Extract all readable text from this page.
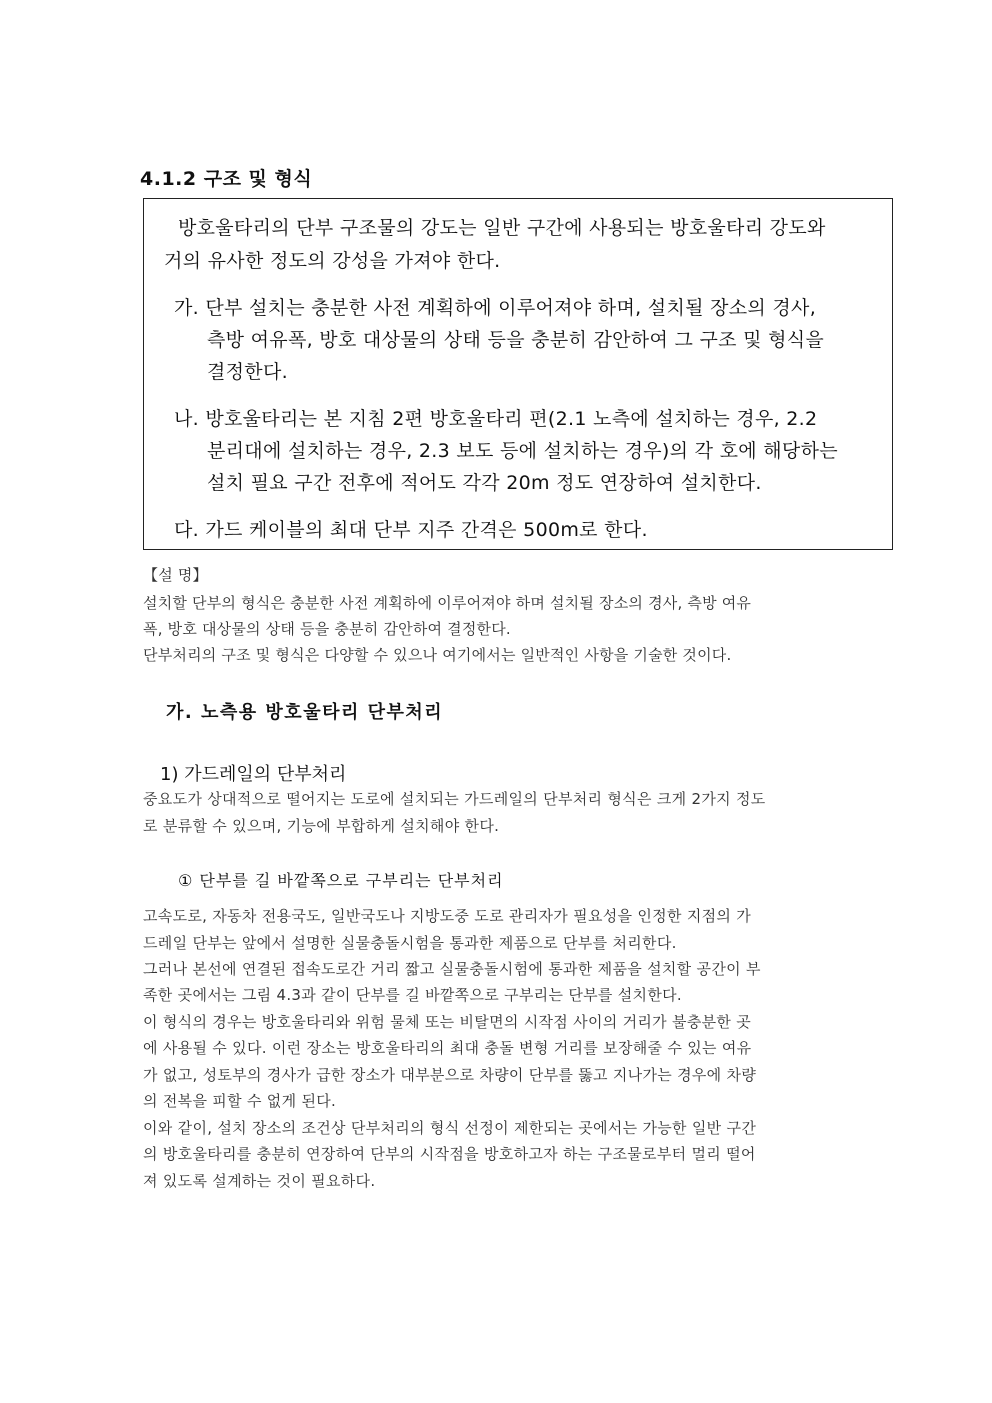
4.1.2 구조 및 형식
방호울타리의 단부 구조물의 강도는 일반 구간에 사용되는 방호울타리 강도와
거의 유사한 정도의 강성을 가져야 한다.
가. 단부 설치는 충분한 사전 계획하에 이루어져야 하며, 설치될 장소의 경사,
측방 여유폭, 방호 대상물의 상태 등을 충분히 감안하여 그 구조 및 형식을
결정한다.
나. 방호울타리는 본 지침 2편 방호울타리 편(2.1 노측에 설치하는 경우, 2.2
분리대에 설치하는 경우, 2.3 보도 등에 설치하는 경우)의 각 호에 해당하는
설치 필요 구간 전후에 적어도 각각 20m 정도 연장하여 설치한다.
다. 가드 케이블의 최대 단부 지주 간격은 500m로 한다.
【설 명】
설치할 단부의 형식은 충분한 사전 계획하에 이루어져야 하며 설치될 장소의 경사, 측방 여유
폭, 방호 대상물의 상태 등을 충분히 감안하여 결정한다.
단부처리의 구조 및 형식은 다양할 수 있으나 여기에서는 일반적인 사항을 기술한 것이다.
가. 노측용 방호울타리 단부처리
1) 가드레일의 단부처리
중요도가 상대적으로 떨어지는 도로에 설치되는 가드레일의 단부처리 형식은 크게 2가지 정도
로 분류할 수 있으며, 기능에 부합하게 설치해야 한다.
① 단부를 길 바깥쪽으로 구부리는 단부처리
고속도로, 자동차 전용국도, 일반국도나 지방도중 도로 관리자가 필요성을 인정한 지점의 가
드레일 단부는 앞에서 설명한 실물충돌시험을 통과한 제품으로 단부를 처리한다.
그러나 본선에 연결된 접속도로간 거리 짧고 실물충돌시험에 통과한 제품을 설치할 공간이 부
족한 곳에서는 그림 4.3과 같이 단부를 길 바깥쪽으로 구부리는 단부를 설치한다.
이 형식의 경우는 방호울타리와 위험 물체 또는 비탈면의 시작점 사이의 거리가 불충분한 곳
에 사용될 수 있다. 이런 장소는 방호울타리의 최대 충돌 변형 거리를 보장해줄 수 있는 여유
가 없고, 성토부의 경사가 급한 장소가 대부분으로 차량이 단부를 뚫고 지나가는 경우에 차량
의 전복을 피할 수 없게 된다.
이와 같이, 설치 장소의 조건상 단부처리의 형식 선정이 제한되는 곳에서는 가능한 일반 구간
의 방호울타리를 충분히 연장하여 단부의 시작점을 방호하고자 하는 구조물로부터 멀리 떨어
져 있도록 설계하는 것이 필요하다.
